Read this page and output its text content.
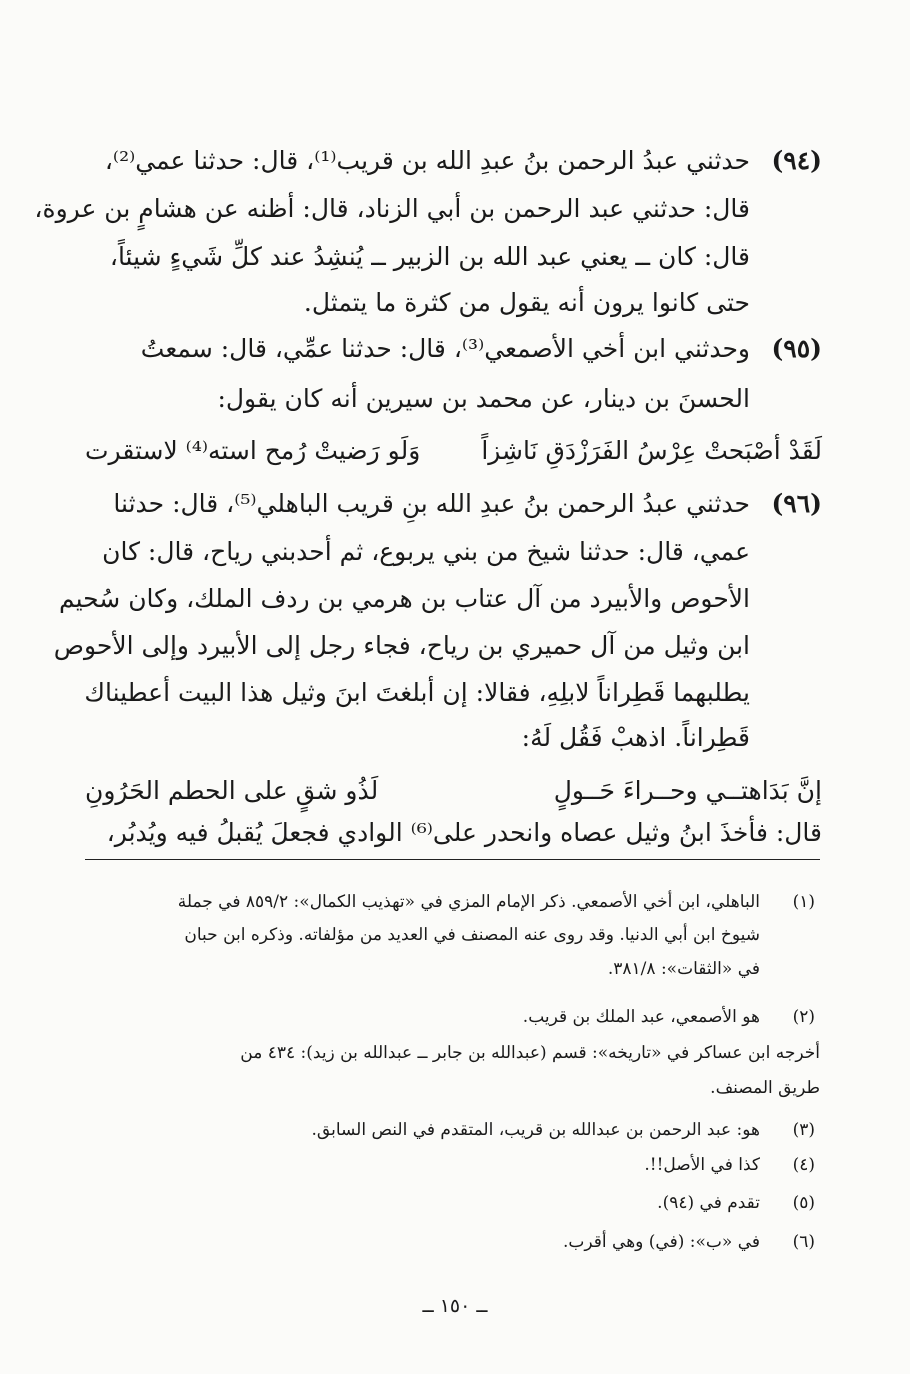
(٩٤)
حدثني عبدُ الرحمن بنُ عبدِ الله بن قريب⁽¹⁾، قال: حدثنا عمي⁽²⁾،
قال: حدثني عبد الرحمن بن أبي الزناد، قال: أظنه عن هشامٍ بن عروة،
قال: كان ــ يعني عبد الله بن الزبير ــ يُنشِدُ عند كلِّ شَيءٍ شيئاً،
حتى كانوا يرون أنه يقول من كثرة ما يتمثل.
(٩٥)
وحدثني ابن أخي الأصمعي⁽³⁾، قال: حدثنا عمِّي، قال: سمعتُ
الحسنَ بن دينار، عن محمد بن سيرين أنه كان يقول:
لَقَدْ أصْبَحتْ عِرْسُ الفَرَزْدَقِ نَاشِزاً
وَلَو رَضيتْ رُمح استه⁽⁴⁾ لاستقرت
(٩٦)
حدثني عبدُ الرحمن بنُ عبدِ الله بنِ قريب الباهلي⁽⁵⁾، قال: حدثنا
عمي، قال: حدثنا شيخ من بني يربوع، ثم أحدبني رياح، قال: كان
الأحوص والأبيرد من آل عتاب بن هرمي بن ردف الملك، وكان سُحيم
ابن وثيل من آل حميري بن رياح، فجاء رجل إلى الأبيرد وإلى الأحوص
يطلبهما قَطِراناً لابلِهِ، فقالا: إن أبلغتَ ابنَ وثيل هذا البيت أعطيناك
قَطِراناً. اذهبْ فَقُل لَهُ:
إنَّ بَدَاهتــي وحــراءَ حَــولٍ
لَذُو شقٍ على الحطم الحَرُونِ
قال: فأخذَ ابنُ وثيل عصاه وانحدر على⁽⁶⁾ الوادي فجعلَ يُقبلُ فيه ويُدبُر،
(١)
الباهلي، ابن أخي الأصمعي. ذكر الإمام المزي في «تهذيب الكمال»: ٨٥٩/٢ في جملة
شيوخ ابن أبي الدنيا. وقد روى عنه المصنف في العديد من مؤلفاته. وذكره ابن حبان
في «الثقات»: ٣٨١/٨.
(٢)
هو الأصمعي، عبد الملك بن قريب.
أخرجه ابن عساكر في «تاريخه»: قسم (عبدالله بن جابر ــ عبدالله بن زيد): ٤٣٤ من
طريق المصنف.
(٣)
هو: عبد الرحمن بن عبدالله بن قريب، المتقدم في النص السابق.
(٤)
كذا في الأصل!!.
(٥)
تقدم في (٩٤).
(٦)
في «ب»: (في) وهي أقرب.
ــ ١٥٠ ــ
